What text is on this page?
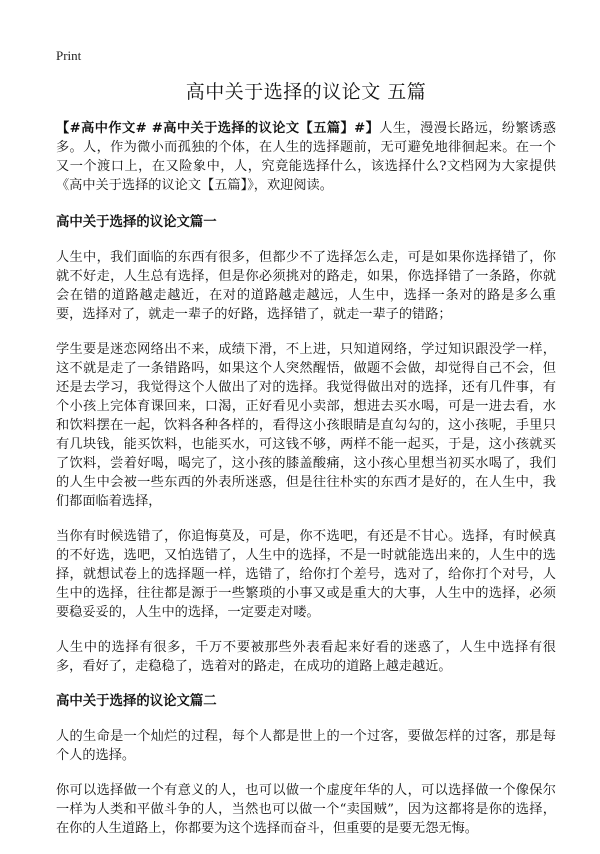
Print
高中关于选择的议论文 五篇

【#高中作文# #高中关于选择的议论文【五篇】#】人生，漫漫长路远，纷繁诱惑多。人，作为微小而孤独的个体，在人生的选择题前，无可避免地徘徊起来。在一个又一个渡口上，在又险象中，人，究竟能选择什么，该选择什么?文档网为大家提供《高中关于选择的议论文【五篇】》，欢迎阅读。

高中关于选择的议论文篇一

人生中，我们面临的东西有很多，但都少不了选择怎么走，可是如果你选择错了，你就不好走，人生总有选择，但是你必须挑对的路走，如果，你选择错了一条路，你就会在错的道路越走越近，在对的道路越走越远，人生中，选择一条对的路是多么重要，选择对了，就走一辈子的好路，选择错了，就走一辈子的错路；

学生要是迷恋网络出不来，成绩下滑，不上进，只知道网络，学过知识跟没学一样，这不就是走了一条错路吗，如果这个人突然醒悟，做题不会做，却觉得自己不会，但还是去学习，我觉得这个人做出了对的选择。我觉得做出对的选择，还有几件事，有个小孩上完体育课回来，口渴，正好看见小卖部，想进去买水喝，可是一进去看，水和饮料摆在一起，饮料各种各样的，看得这小孩眼睛是直勾勾的，这小孩呢，手里只有几块钱，能买饮料，也能买水，可这钱不够，两样不能一起买，于是，这小孩就买了饮料，尝着好喝，喝完了，这小孩的膝盖酸痛，这小孩心里想当初买水喝了，我们的人生中会被一些东西的外表所迷惑，但是往往朴实的东西才是好的，在人生中，我们都面临着选择，

当你有时候选错了，你追悔莫及，可是，你不选吧，有还是不甘心。选择，有时候真的不好选，选吧，又怕选错了，人生中的选择，不是一时就能选出来的，人生中的选择，就想试卷上的选择题一样，选错了，给你打个差号，选对了，给你打个对号，人生中的选择，往往都是源于一些繁琐的小事又或是重大的大事，人生中的选择，必须要稳妥妥的，人生中的选择，一定要走对喽。

人生中的选择有很多，千万不要被那些外表看起来好看的迷惑了，人生中选择有很多，看好了，走稳稳了，选着对的路走，在成功的道路上越走越近。

高中关于选择的议论文篇二

人的生命是一个灿烂的过程，每个人都是世上的一个过客，要做怎样的过客，那是每个人的选择。

你可以选择做一个有意义的人，也可以做一个虚度年华的人，可以选择做一个像保尔一样为人类和平做斗争的人，当然也可以做一个“卖国贼”，因为这都将是你的选择，在你的人生道路上，你都要为这个选择而奋斗，但重要的是要无怨无悔。
